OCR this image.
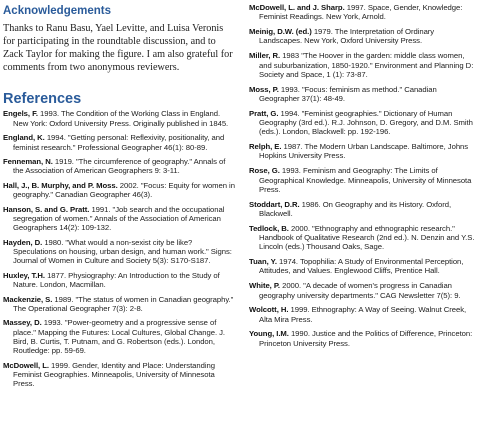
Acknowledgements

Thanks to Ranu Basu, Yael Levitte, and Luisa Veronis for participating in the roundtable discussion, and to Zack Taylor for making the figure. I am also grateful for comments from two anonymous reviewers.

References
Engels, F. 1993. The Condition of the Working Class in England. New York: Oxford University Press. Originally published in 1845.
England, K. 1994. "Getting personal: Reflexivity, positionality, and feminist research." Professional Geographer 46(1): 80-89.
Fenneman, N. 1919. "The circumference of geography." Annals of the Association of American Geographers 9: 3-11.
Hall, J., B. Murphy, and P. Moss. 2002. "Focus: Equity for women in geography." Canadian Geographer 46(3).
Hanson, S. and G. Pratt. 1991. "Job search and the occupational segregation of women." Annals of the Association of American Geographers 14(2): 109-132.
Hayden, D. 1980. "What would a non-sexist city be like? Speculations on housing, urban design, and human work." Signs: Journal of Women in Culture and Society 5(3): S170-S187.
Huxley, T.H. 1877. Physiography: An Introduction to the Study of Nature. London, Macmillan.
Mackenzie, S. 1989. "The status of women in Canadian geography." The Operational Geographer 7(3): 2-8.
Massey, D. 1993. "Power-geometry and a progressive sense of place." Mapping the Futures: Local Cultures, Global Change. J. Bird, B. Curtis, T. Putnam, and G. Robertson (eds.). London, Routledge: pp. 59-69.
McDowell, L. 1999. Gender, Identity and Place: Understanding Feminist Geographies. Minneapolis, University of Minnesota Press.
McDowell, L. and J. Sharp. 1997. Space, Gender, Knowledge: Feminist Readings. New York, Arnold.
Meinig, D.W. (ed.) 1979. The Interpretation of Ordinary Landscapes. New York, Oxford University Press.
Miller, R. 1983 "The Hoover in the garden: middle class women, and suburbanization, 1850-1920." Environment and Planning D: Society and Space, 1 (1): 73-87.
Moss, P. 1993. "Focus: feminism as method." Canadian Geographer 37(1): 48-49.
Pratt, G. 1994. "Feminist geographies." Dictionary of Human Geography (3rd ed.). R.J. Johnson, D. Gregory, and D.M. Smith (eds.). London, Blackwell: pp. 192-196.
Relph, E. 1987. The Modern Urban Landscape. Baltimore, Johns Hopkins University Press.
Rose, G. 1993. Feminism and Geography: The Limits of Geographical Knowledge. Minneapolis, University of Minnesota Press.
Stoddart, D.R. 1986. On Geography and its History. Oxford, Blackwell.
Tedlock, B. 2000. "Ethnography and ethnographic research." Handbook of Qualitative Research (2nd ed.). N. Denzin and Y.S. Lincoln (eds.) Thousand Oaks, Sage.
Tuan, Y. 1974. Topophilia: A Study of Environmental Perception, Attitudes, and Values. Englewood Cliffs, Prentice Hall.
White, P. 2000. "A decade of women's progress in Canadian geography university departments." CAG Newsletter 7(5): 9.
Wolcott, H. 1999. Ethnography: A Way of Seeing. Walnut Creek, Alta Mira Press.
Young, I.M. 1990. Justice and the Politics of Difference, Princeton: Princeton University Press.
